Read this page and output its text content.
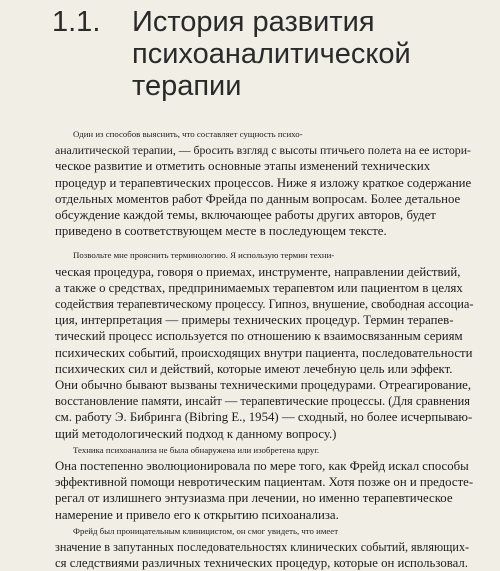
1.1. История развития
психоаналитической
терапии
Один из способов выяснить, что составляет сущность психо-
аналитической терапии, — бросить взгляд с высоты птичьего полета на ее истори-
ческое развитие и отметить основные этапы изменений технических
процедур и терапевтических процессов. Ниже я изложу краткое содержание
отдельных моментов работ Фрейда по данным вопросам. Более детальное
обсуждение каждой темы, включающее работы других авторов, будет
приведено в соответствующем месте в последующем тексте.
Позвольте мне прояснить терминологию. Я использую термин техни-
ческая процедура, говоря о приемах, инструменте, направлении действий,
а также о средствах, предпринимаемых терапевтом или пациентом в целях
содействия терапевтическому процессу. Гипноз, внушение, свободная ассоциа-
ция, интерпретация — примеры технических процедур. Термин терапев-
тический процесс используется по отношению к взаимосвязанным сериям
психических событий, происходящих внутри пациента, последовательности
психических сил и действий, которые имеют лечебную цель или эффект.
Они обычно бывают вызваны техническими процедурами. Отреагирование,
восстановление памяти, инсайт — терапевтические процессы. (Для сравнения
см. работу Э. Бибринга (Bibring E., 1954) — сходный, но более исчерпываю-
щий методологический подход к данному вопросу.)
Техника психоанализа не была обнаружена или изобретена вдруг.
Она постепенно эволюционировала по мере того, как Фрейд искал способы
эффективной помощи невротическим пациентам. Хотя позже он и предосте-
регал от излишнего энтузиазма при лечении, но именно терапевтическое
намерение и привело его к открытию психоанализа.
Фрейд был проницательным клиницистом, он смог увидеть, что имеет
значение в запутанных последовательностях клинических событий, являющих-
ся следствиями различных технических процедур, которые он использовал.
